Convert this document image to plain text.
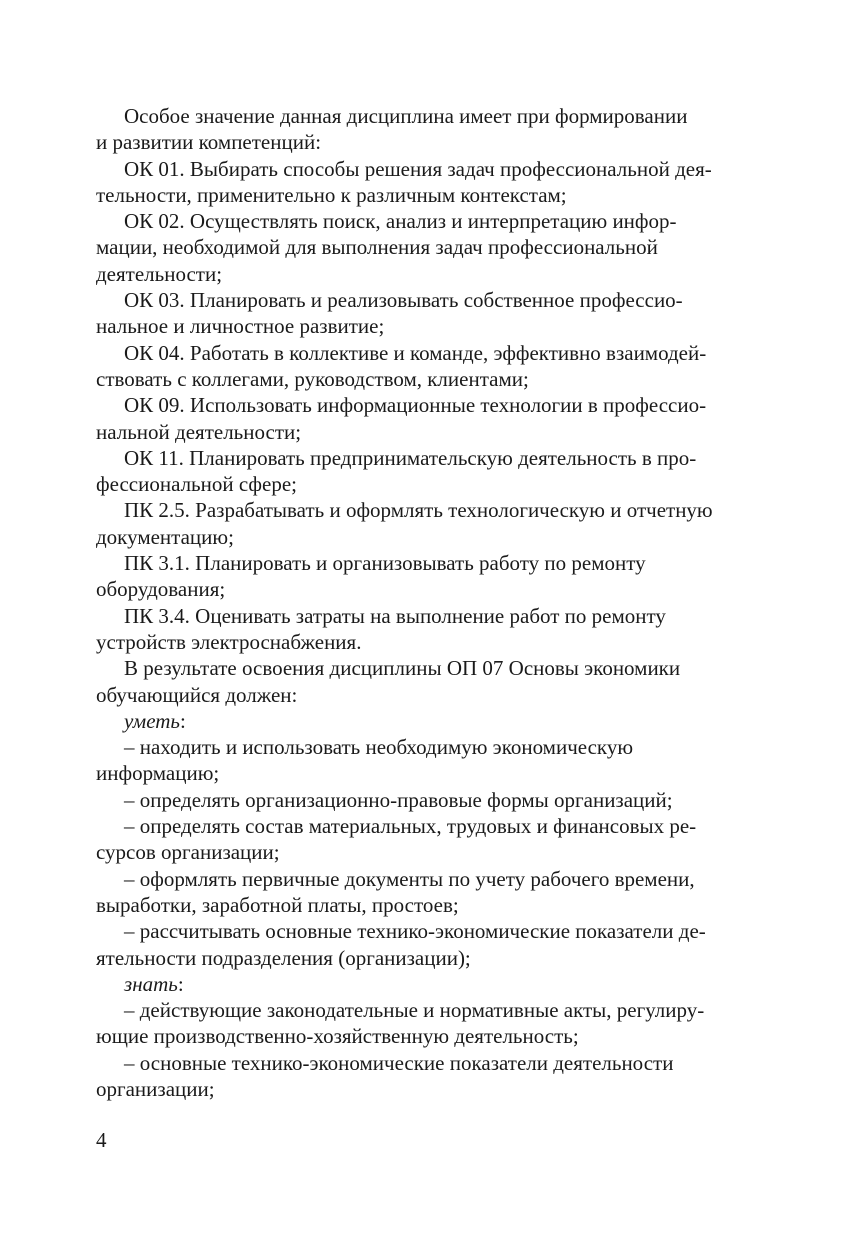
Особое значение данная дисциплина имеет при формировании
и развитии компетенций:

ОК 01. Выбирать способы решения задач профессиональной дея-
тельности, применительно к различным контекстам;

ОК 02. Осуществлять поиск, анализ и интерпретацию инфор-
мации, необходимой для выполнения задач профессиональной
деятельности;

ОК 03. Планировать и реализовывать собственное профессио-
нальное и личностное развитие;

ОК 04. Работать в коллективе и команде, эффективно взаимодей-
ствовать с коллегами, руководством, клиентами;

ОК 09. Использовать информационные технологии в профессио-
нальной деятельности;

ОК 11. Планировать предпринимательскую деятельность в про-
фессиональной сфере;

ПК 2.5. Разрабатывать и оформлять технологическую и отчетную
документацию;

ПК 3.1. Планировать и организовывать работу по ремонту
оборудования;

ПК 3.4. Оценивать затраты на выполнение работ по ремонту
устройств электроснабжения.

В результате освоения дисциплины ОП 07 Основы экономики
обучающийся должен:

уметь:

– находить и использовать необходимую экономическую
информацию;

– определять организационно-правовые формы организаций;

– определять состав материальных, трудовых и финансовых ре-
сурсов организации;

– оформлять первичные документы по учету рабочего времени,
выработки, заработной платы, простоев;

– рассчитывать основные технико-экономические показатели де-
ятельности подразделения (организации);

знать:

– действующие законодательные и нормативные акты, регулиру-
ющие производственно-хозяйственную деятельность;

– основные технико-экономические показатели деятельности
организации;

4
